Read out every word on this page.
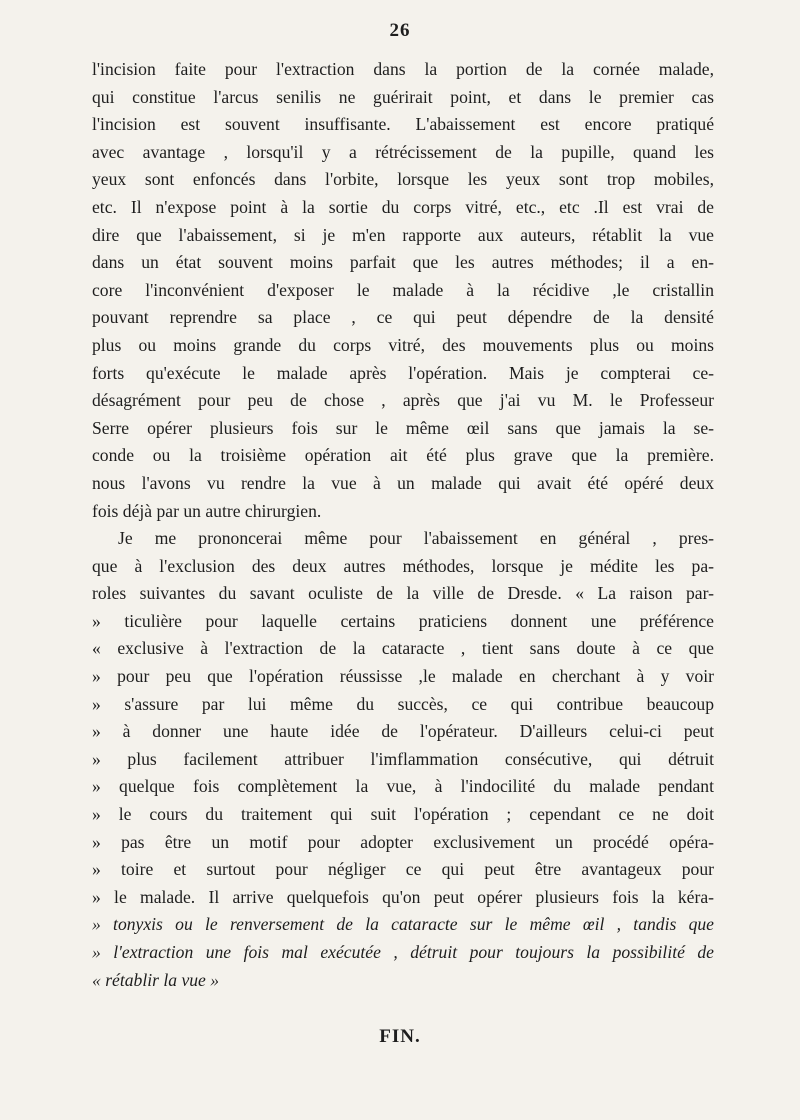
26
l'incision faite pour l'extraction dans la portion de la cornée malade,
qui constitue l'arcus senilis ne guérirait point, et dans le premier cas
l'incision est souvent insuffisante. L'abaissement est encore pratiqué
avec avantage , lorsqu'il y a rétrécissement de la pupille, quand les
yeux sont enfoncés dans l'orbite, lorsque les yeux sont trop mobiles,
etc. Il n'expose point à la sortie du corps vitré, etc., etc .Il est vrai de
dire que l'abaissement, si je m'en rapporte aux auteurs, rétablit la vue
dans un état souvent moins parfait que les autres méthodes; il a en-
core l'inconvénient d'exposer le malade à la récidive ,le cristallin
pouvant reprendre sa place , ce qui peut dépendre de la densité
plus ou moins grande du corps vitré, des mouvements plus ou moins
forts qu'exécute le malade après l'opération. Mais je compterai ce-
désagrément pour peu de chose , après que j'ai vu M. le Professeur
Serre opérer plusieurs fois sur le même œil sans que jamais la se-
conde ou la troisième opération ait été plus grave que la première.
nous l'avons vu rendre la vue à un malade qui avait été opéré deux
fois déjà par un autre chirurgien.
Je me prononcerai même pour l'abaissement en général , pres-
que à l'exclusion des deux autres méthodes, lorsque je médite les pa-
roles suivantes du savant oculiste de la ville de Dresde. « La raison par-
» ticulière pour laquelle certains praticiens donnent une préférence
« exclusive à l'extraction de la cataracte , tient sans doute à ce que
» pour peu que l'opération réussisse ,le malade en cherchant à y voir
» s'assure par lui même du succès, ce qui contribue beaucoup
» à donner une haute idée de l'opérateur. D'ailleurs celui-ci peut
» plus facilement attribuer l'imflammation consécutive, qui détruit
» quelque fois complètement la vue, à l'indocilité du malade pendant
» le cours du traitement qui suit l'opération ; cependant ce ne doit
» pas être un motif pour adopter exclusivement un procédé opéra-
» toire et surtout pour négliger ce qui peut être avantageux pour
» le malade. Il arrive quelquefois qu'on peut opérer plusieurs fois la kéra-
» tonyxis ou le renversement de la cataracte sur le même œil , tandis que
» l'extraction une fois mal exécutée , détruit pour toujours la possibilité de
« rétablir la vue »
FIN.
